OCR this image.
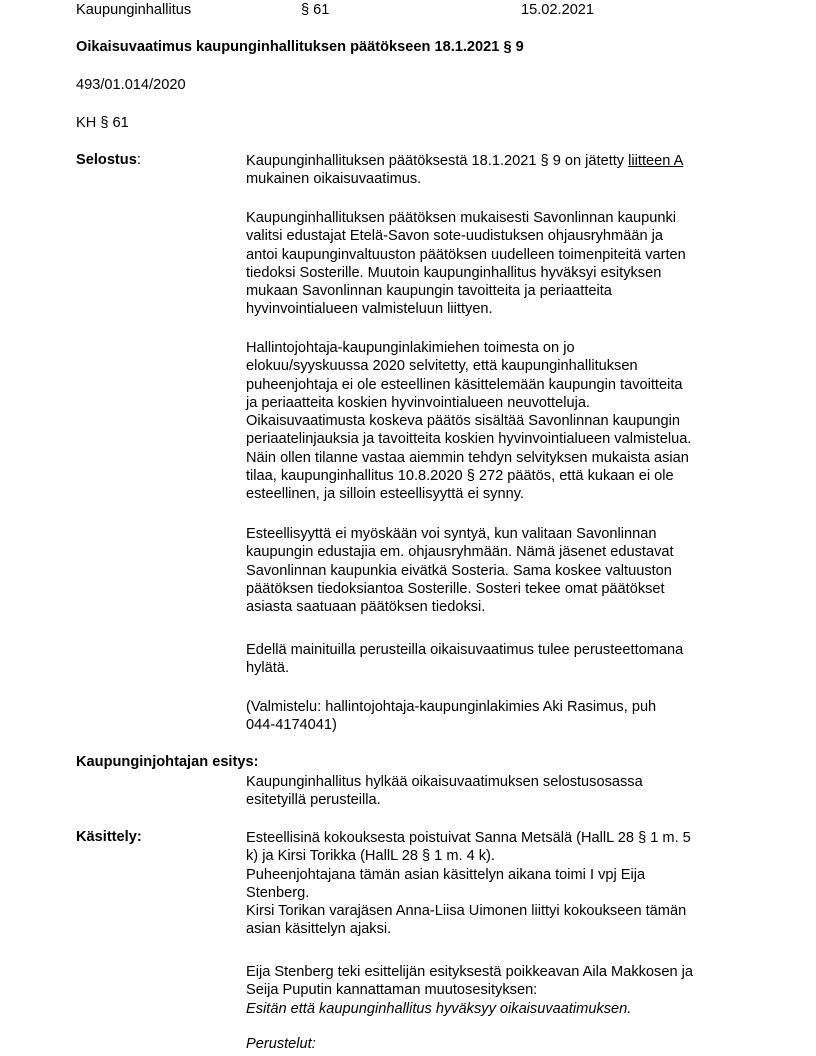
Kaupunginhallitus	§ 61	15.02.2021
Oikaisuvaatimus kaupunginhallituksen päätökseen 18.1.2021 § 9
493/01.014/2020
KH § 61
Selostus:	Kaupunginhallituksen päätöksestä 18.1.2021 § 9 on jätetty liitteen A
mukainen oikaisuvaatimus.
Kaupunginhallituksen päätöksen mukaisesti Savonlinnan kaupunki
valitsi edustajat Etelä-Savon sote-uudistuksen ohjausryhmään ja
antoi kaupunginvaltuuston päätöksen uudelleen toimenpiteitä varten
tiedoksi Sosterille. Muutoin kaupunginhallitus hyväksyi esityksen
mukaan Savonlinnan kaupungin tavoitteita ja periaatteita
hyvinvointialueen valmisteluun liittyen.
Hallintojohtaja-kaupunginlakimiehen toimesta on jo
elokuu/syyskuussa 2020 selvitetty, että kaupunginhallituksen
puheenjohtaja ei ole esteellinen käsittelemään kaupungin tavoitteita
ja periaatteita koskien hyvinvointialueen neuvotteluja.
Oikaisuvaatimusta koskeva päätös sisältää Savonlinnan kaupungin
periaatelinjauksia ja tavoitteita koskien hyvinvointialueen valmistelua.
Näin ollen tilanne vastaa aiemmin tehdyn selvityksen mukaista asian
tilaa, kaupunginhallitus 10.8.2020 § 272 päätös, että kukaan ei ole
esteellinen, ja silloin esteellisyyttä ei synny.
Esteellisyyttä ei myöskään voi syntyä, kun valitaan Savonlinnan
kaupungin edustajia em. ohjausryhmään. Nämä jäsenet edustavat
Savonlinnan kaupunkia eivätkä Sosteria. Sama koskee valtuuston
päätöksen tiedoksiantoa Sosterille. Sosteri tekee omat päätökset
asiasta saatuaan päätöksen tiedoksi.
Edellä mainituilla perusteilla oikaisuvaatimus tulee perusteettomana
hylätä.
(Valmistelu: hallintojohtaja-kaupunginlakimies Aki Rasimus, puh
044-4174041)
Kaupunginjohtajan esitys:
Kaupunginhallitus hylkää oikaisuvaatimuksen selostusosassa
esitetyillä perusteilla.
Käsittely:	Esteellisinä kokouksesta poistuivat Sanna Metsälä (HallL 28 § 1 m. 5
k) ja Kirsi Torikka (HallL 28 § 1 m. 4 k).
Puheenjohtajana tämän asian käsittelyn aikana toimi I vpj Eija
Stenberg.
Kirsi Torikan varajäsen Anna-Liisa Uimonen liittyi kokoukseen tämän
asian käsittelyn ajaksi.
Eija Stenberg teki esittelijän esityksestä poikkeavan Aila Makkosen ja
Seija Puputin kannattaman muutosesityksen:
Esitän että kaupunginhallitus hyväksyy oikaisuvaatimuksen.
Perustelut:
